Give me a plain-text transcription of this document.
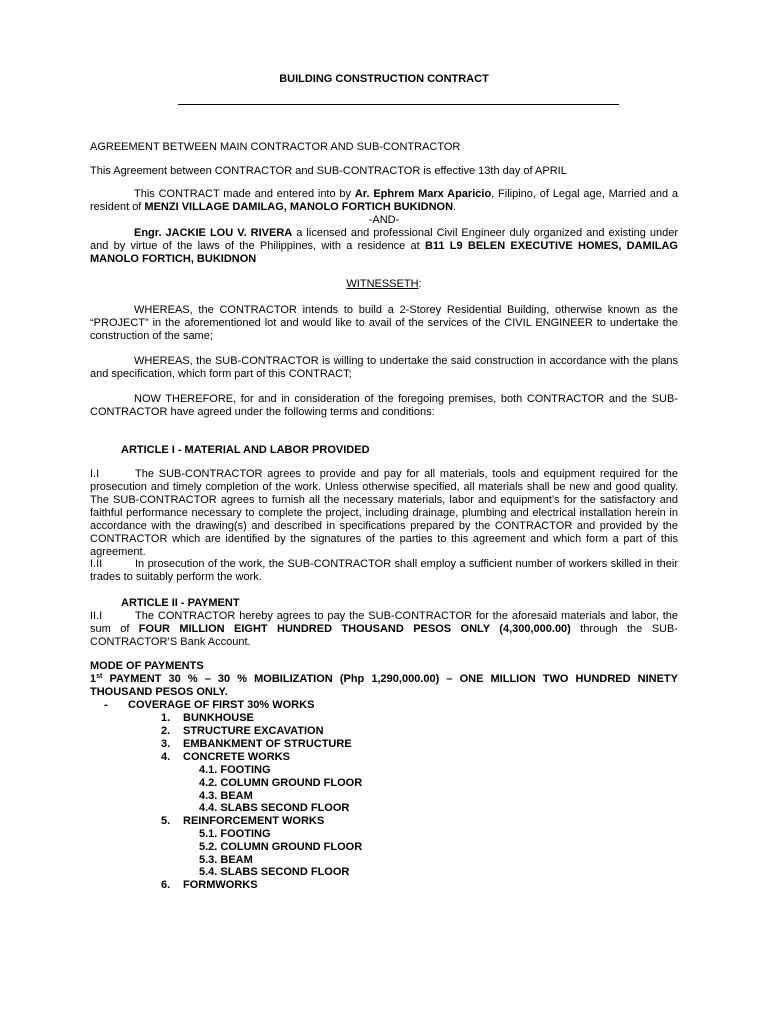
BUILDING CONSTRUCTION CONTRACT
AGREEMENT BETWEEN MAIN CONTRACTOR AND SUB-CONTRACTOR
This Agreement between CONTRACTOR and SUB-CONTRACTOR is effective 13th day of APRIL
This CONTRACT made and entered into by Ar. Ephrem Marx Aparicio, Filipino, of Legal age, Married and a resident of MENZI VILLAGE DAMILAG, MANOLO FORTICH BUKIDNON.
-AND-
Engr. JACKIE LOU V. RIVERA a licensed and professional Civil Engineer duly organized and existing under and by virtue of the laws of the Philippines, with a residence at B11 L9 BELEN EXECUTIVE HOMES, DAMILAG MANOLO FORTICH, BUKIDNON
WITNESSETH:
WHEREAS, the CONTRACTOR intends to build a 2-Storey Residential Building, otherwise known as the “PROJECT” in the aforementioned lot and would like to avail of the services of the CIVIL ENGINEER to undertake the construction of the same;
WHEREAS, the SUB-CONTRACTOR is willing to undertake the said construction in accordance with the plans and specification, which form part of this CONTRACT;
NOW THEREFORE, for and in consideration of the foregoing premises, both CONTRACTOR and the SUB-CONTRACTOR have agreed under the following terms and conditions:
ARTICLE I - MATERIAL AND LABOR PROVIDED
I.I	The SUB-CONTRACTOR agrees to provide and pay for all materials, tools and equipment required for the prosecution and timely completion of the work. Unless otherwise specified, all materials shall be new and good quality. The SUB-CONTRACTOR agrees to furnish all the necessary materials, labor and equipment’s for the satisfactory and faithful performance necessary to complete the project, including drainage, plumbing and electrical installation herein in accordance with the drawing(s) and described in specifications prepared by the CONTRACTOR and provided by the CONTRACTOR which are identified by the signatures of the parties to this agreement and which form a part of this agreement.
I.II	In prosecution of the work, the SUB-CONTRACTOR shall employ a sufficient number of workers skilled in their trades to suitably perform the work.
ARTICLE II - PAYMENT
II.I	The CONTRACTOR hereby agrees to pay the SUB-CONTRACTOR for the aforesaid materials and labor, the sum of FOUR MILLION EIGHT HUNDRED THOUSAND PESOS ONLY (4,300,000.00) through the SUB-CONTRACTOR’S Bank Account.
MODE OF PAYMENTS
1st PAYMENT 30 % – 30 % MOBILIZATION (Php 1,290,000.00) – ONE MILLION TWO HUNDRED NINETY THOUSAND PESOS ONLY.
- COVERAGE OF FIRST 30% WORKS
1. BUNKHOUSE
2. STRUCTURE EXCAVATION
3. EMBANKMENT OF STRUCTURE
4. CONCRETE WORKS
4.1. FOOTING
4.2. COLUMN GROUND FLOOR
4.3. BEAM
4.4. SLABS SECOND FLOOR
5. REINFORCEMENT WORKS
5.1. FOOTING
5.2. COLUMN GROUND FLOOR
5.3. BEAM
5.4. SLABS SECOND FLOOR
6. FORMWORKS
